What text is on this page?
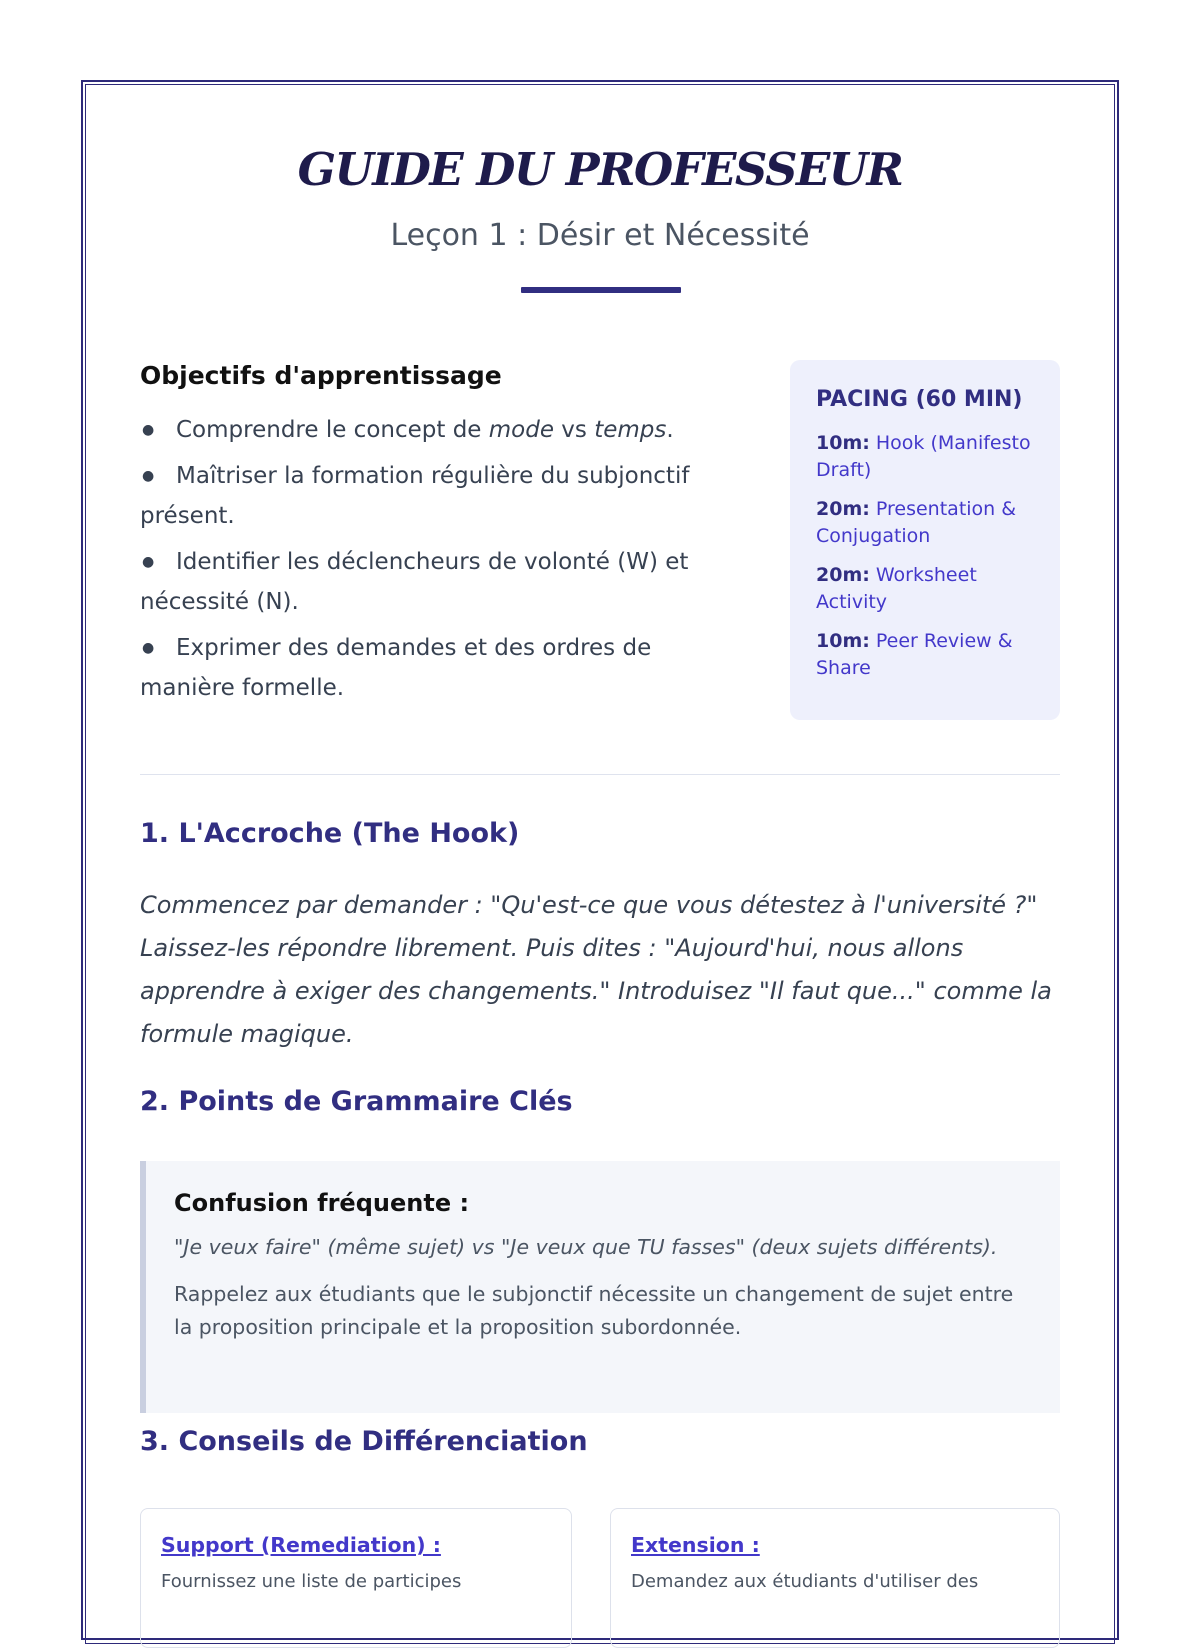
GUIDE DU PROFESSEUR
Leçon 1 : Désir et Nécessité
Objectifs d'apprentissage
● Comprendre le concept de mode vs temps.
● Maîtriser la formation régulière du subjonctif présent.
● Identifier les déclencheurs de volonté (W) et nécessité (N).
● Exprimer des demandes et des ordres de manière formelle.
PACING (60 MIN)
10m: Hook (Manifesto Draft)
20m: Presentation & Conjugation
20m: Worksheet Activity
10m: Peer Review & Share
1. L'Accroche (The Hook)

Commencez par demander : "Qu'est-ce que vous détestez à l'université ?" Laissez-les répondre librement. Puis dites : "Aujourd'hui, nous allons apprendre à exiger des changements." Introduisez "Il faut que..." comme la formule magique.

2. Points de Grammaire Clés
Confusion fréquente :
"Je veux faire" (même sujet) vs "Je veux que TU fasses" (deux sujets différents).
Rappelez aux étudiants que le subjonctif nécessite un changement de sujet entre la proposition principale et la proposition subordonnée.
3. Conseils de Différenciation
Support (Remediation) :
Fournissez une liste de participes
Extension :
Demandez aux étudiants d'utiliser des
